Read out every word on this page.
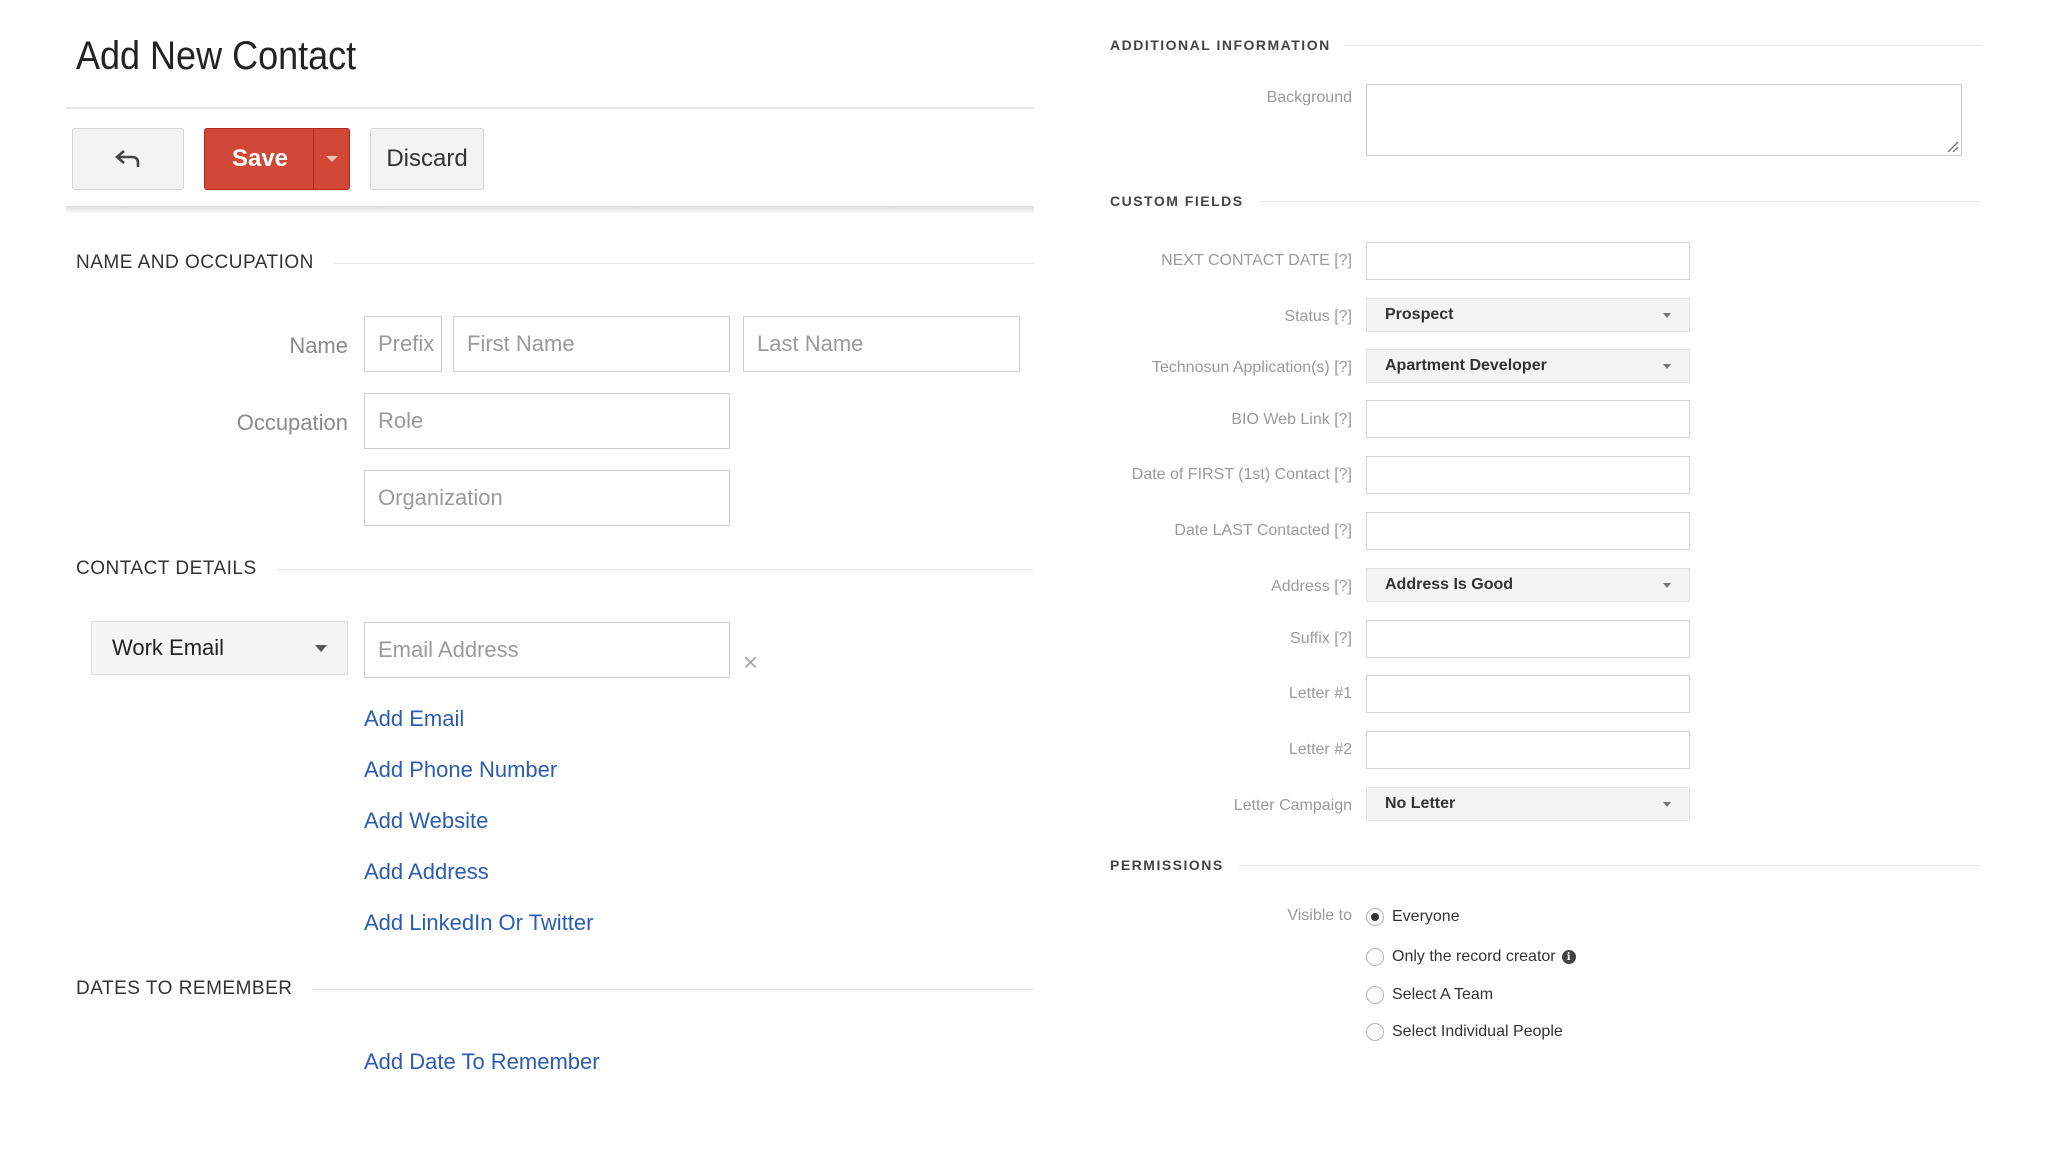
Add New Contact
Save	Discard
NAME AND OCCUPATION
Name	Prefix	First Name	Last Name
Occupation	Role
Organization
CONTACT DETAILS
Work Email	Email Address	×
Add Email
Add Phone Number
Add Website
Add Address
Add LinkedIn Or Twitter
DATES TO REMEMBER
Add Date To Remember
ADDITIONAL INFORMATION
Background
CUSTOM FIELDS
NEXT CONTACT DATE [?]
Status [?] Prospect
Technosun Application(s) [?] Apartment Developer
BIO Web Link [?]
Date of FIRST (1st) Contact [?]
Date LAST Contacted [?]
Address [?] Address Is Good
Suffix [?]
Letter #1
Letter #2
Letter Campaign No Letter
PERMISSIONS
Visible to	Everyone
Only the record creator	i
Select A Team
Select Individual People
